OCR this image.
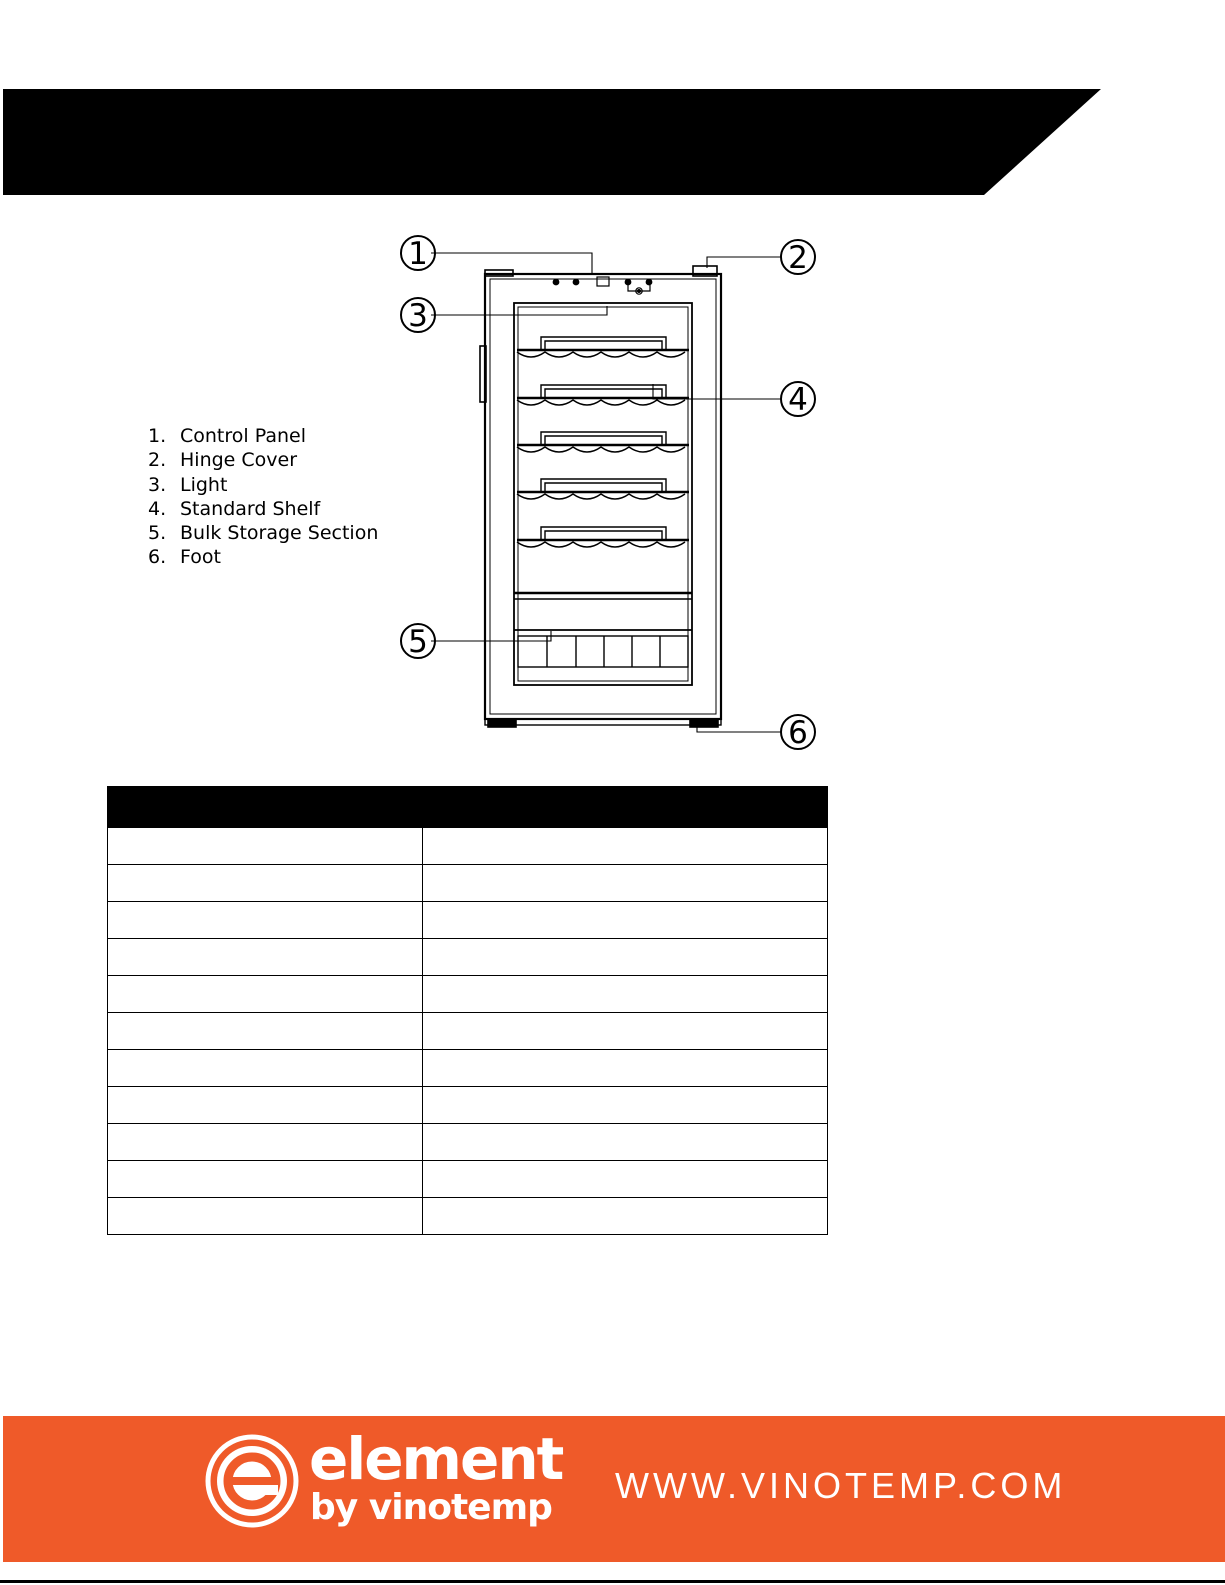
1. Control Panel
2. Hinge Cover
3. Light
4. Standard Shelf
5. Bulk Storage Section
6. Foot
1	2
3
4
5
6

element
by vinotemp
WWW.VINOTEMP.COM
